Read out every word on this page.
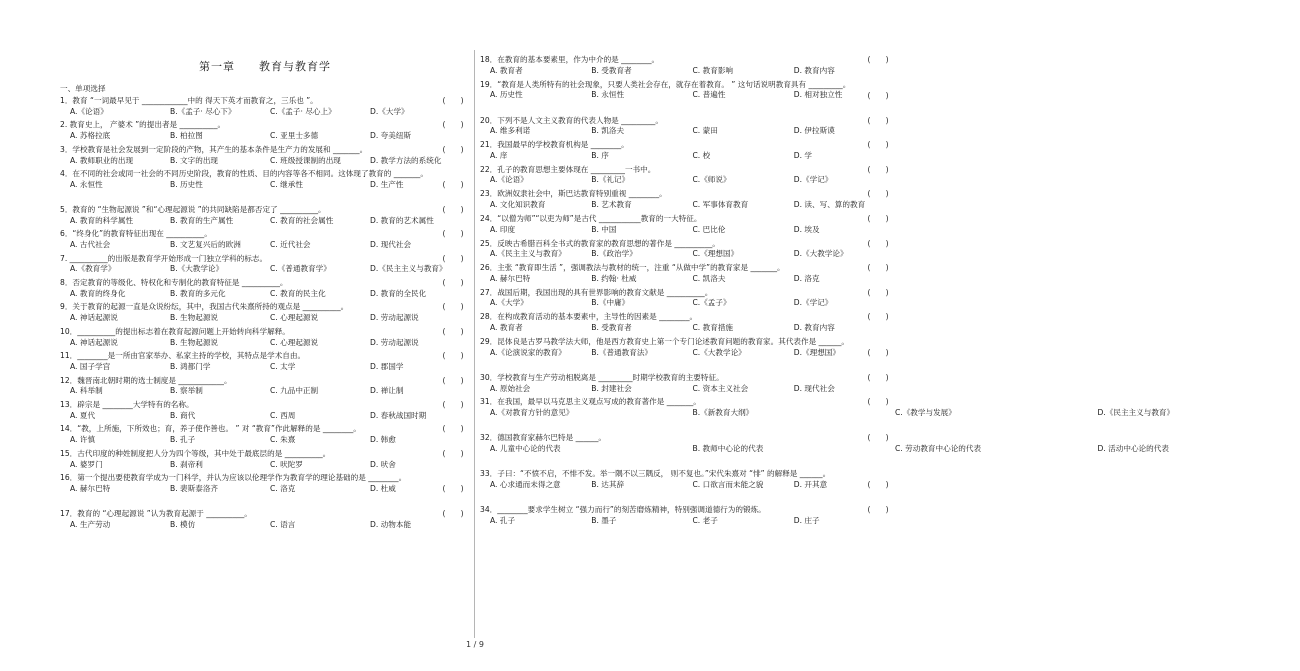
第一章　　教育与教育学
一、单项选择
1．教育 “一词最早见于 ____________中的 得天下英才而教育之，三乐也 ”。	(　　)
A.《论语》	B.《孟子· 尽心下》	C.《孟子· 尽心上》	D.《大学》
2. 教育史上， 产婆术 ”的提出者是 __________。	(　　)
A. 苏格拉底	B. 柏拉图	C. 亚里士多德	D. 夸美纽斯
3．学校教育是社会发展到一定阶段的产物，其产生的基本条件是生产力的发展和 _______。	(　　)
A. 教师职业的出现	B. 文字的出现	C. 班级授课制的出现	D. 教学方法的系统化
4．在不同的社会或同一社会的不同历史阶段，教育的性质、目的内容等各不相同。这体现了教育的 _______。
(　　)
A. 永恒性	B. 历史性	C. 继承性	D. 生产性
5．教育的 “生物起源说 ”和“心理起源说 ”的共同缺陷是都否定了 __________。	(　　)
A. 教育的科学属性	B. 教育的生产属性	C. 教育的社会属性	D. 教育的艺术属性
6．“终身化”的教育特征出现在 __________。	(　　)
A. 古代社会	B. 文艺复兴后的欧洲	C. 近代社会	D. 现代社会
7. __________的出版是教育学开始形成一门独立学科的标志。	(　　)
A.《教育学》	B.《大教学论》	C.《普通教育学》	D.《民主主义与教育》
8．否定教育的等级化、特权化和专制化的教育特征是 __________。	(　　)
A. 教育的终身化	B. 教育的多元化	C. 教育的民主化	D. 教育的全民化
9．关于教育的起源一直是众说纷纭，其中，我国古代朱熹所持的观点是 __________。	(　　)
A. 神话起源说	B. 生物起源说	C. 心理起源说	D. 劳动起源说
10．__________的提出标志着在教育起源问题上开始转向科学解释。	(　　)
A. 神话起源说	B. 生物起源说	C. 心理起源说	D. 劳动起源说
11．________是一所由官家举办、私家主持的学校，其特点是学术自由。	(　　)
A. 国子学宫	B. 鸿都门学	C. 太学	D. 郡国学
12．魏晋南北朝时期的选士制度是 ____________。	(　　)
A. 科举制	B. 察举制	C. 九品中正制	D. 禅让制
13．辟宗是 ________大学特有的名称。	(　　)
A. 夏代	B. 商代	C. 西周	D. 春秋战国时期
14．“教，上所施，下所效也；育，养子使作善也。 ” 对 “教育”作此解释的是 ________。	(　　)
A. 许慎	B. 孔子	C. 朱熹	D. 韩愈
15．古代印度的种姓制度把人分为四个等级，其中处于最底层的是 __________。	(　　)
A. 婆罗门	B. 刹帝利	C. 吠陀罗	D. 吠舍
16．第一个提出要使教育学成为一门科学，并认为应该以伦理学作为教育学的理论基础的是 ________。
(　　)
A. 赫尔巴特	B. 裴斯泰洛齐	C. 洛克	D. 杜威
17．教育的 “心理起源说 ”认为教育起源于 __________。	(　　)
A. 生产劳动	B. 模仿	C. 语言	D. 动物本能
18．在教育的基本要素里，作为中介的是 ________。	(　　)
A. 教育者	B. 受教育者	C. 教育影响	D. 教育内容
19．“教育是人类所特有的社会现象，只要人类社会存在，就存在着教育。 ” 这句话说明教育具有 _________。
(　　)
A. 历史性	B. 永恒性	C. 普遍性	D. 相对独立性
20．下列不是人文主义教育的代表人物是 _________。	(　　)
A. 维多利诺	B. 凯洛夫	C. 蒙田	D. 伊拉斯谟
21．我国最早的学校教育机构是 ________。	(　　)
A. 庠	B. 序	C. 校	D. 学
22．孔子的教育思想主要体现在 _________一书中。	(　　)
A.《论语》	B.《礼记》	C.《师说》	D.《学记》
23．欧洲奴隶社会中，斯巴达教育特别重视 ________。	(　　)
A. 文化知识教育	B. 艺术教育	C. 军事体育教育	D. 读、写、算的教育
24．“以僧为师”“以吏为师”是古代 ___________教育的一大特征。	(　　)
A. 印度	B. 中国	C. 巴比伦	D. 埃及
25．反映古希腊百科全书式的教育家的教育思想的著作是 __________。	(　　)
A.《民主主义与教育》	B.《政治学》	C.《理想国》	D.《大教学论》
26．主张 “教育即生活 ”，强调教法与教材的统一，注重 “从做中学”的教育家是 _______。	(　　)
A. 赫尔巴特	B. 约翰· 杜威	C. 凯洛夫	D. 洛克
27．战国后期，我国出现的具有世界影响的教育文献是 __________。	(　　)
A.《大学》	B.《中庸》	C.《孟子》	D.《学记》
28．在构成教育活动的基本要素中，主导性的因素是 ________。	(　　)
A. 教育者	B. 受教育者	C. 教育措施	D. 教育内容
29．昆体良是古罗马教学法大师，他是西方教育史上第一个专门论述教育问题的教育家。其代表作是 ______。
(　　)
A.《论演说家的教育》	B.《普通教育法》	C.《大教学论》	D.《理想国》
30．学校教育与生产劳动相脱离是 _________时期学校教育的主要特征。	(　　)
A. 原始社会	B. 封建社会	C. 资本主义社会	D. 现代社会
31．在我国，最早以马克思主义观点写成的教育著作是 _______。	(　　)
A.《对教育方针的意见》	B.《新教育大纲》	C.《教学与发展》	D.《民主主义与教育》
32．德国教育家赫尔巴特是 ______。	(　　)
A. 儿童中心论的代表	B. 教师中心论的代表	C. 劳动教育中心论的代表	D. 活动中心论的代表
33．子曰：“不愤不启，不悱不发。举一隅不以三隅反， 则不复也。”宋代朱熹对 “悱” 的解释是 ______。
(　　)
A. 心求通而未得之意	B. 达其辞	C. 口欲言而未能之貌	D. 开其意
34．________要求学生树立 “强力而行”的刻苦磨炼精神，特别强调道德行为的锻炼。	(　　)
A. 孔子	B. 墨子	C. 老子	D. 庄子
1 / 9
